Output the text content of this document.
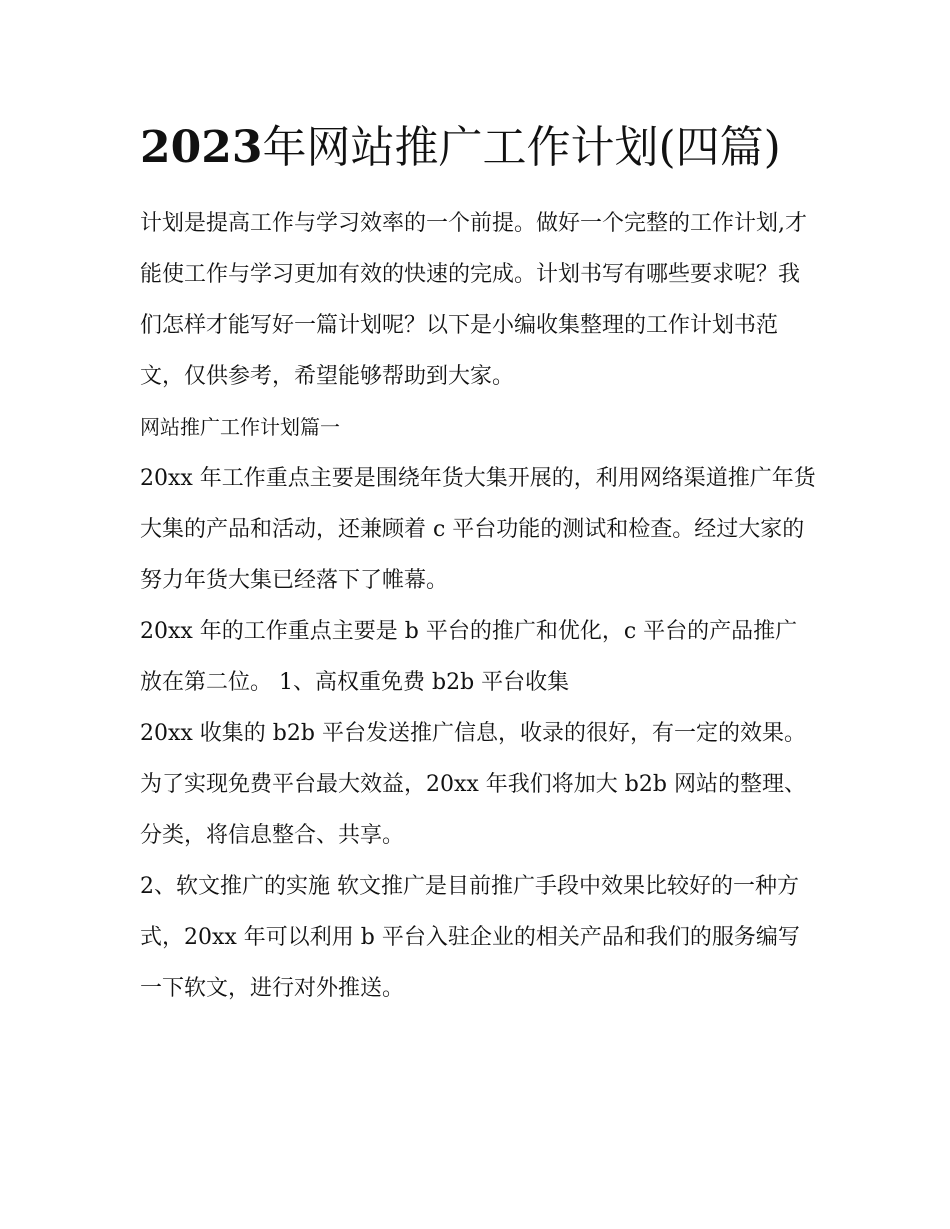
2023年网站推广工作计划(四篇)

计划是提高工作与学习效率的一个前提。做好一个完整的工作计划,才能使工作与学习更加有效的快速的完成。计划书写有哪些要求呢？我们怎样才能写好一篇计划呢？以下是小编收集整理的工作计划书范文，仅供参考，希望能够帮助到大家。

网站推广工作计划篇一

20xx 年工作重点主要是围绕年货大集开展的，利用网络渠道推广年货大集的产品和活动，还兼顾着 c 平台功能的测试和检查。经过大家的努力年货大集已经落下了帷幕。

20xx 年的工作重点主要是 b 平台的推广和优化，c 平台的产品推广放在第二位。 1、高权重免费 b2b 平台收集

20xx 收集的 b2b 平台发送推广信息，收录的很好，有一定的效果。为了实现免费平台最大效益，20xx 年我们将加大 b2b 网站的整理、分类，将信息整合、共享。

2、软文推广的实施 软文推广是目前推广手段中效果比较好的一种方式，20xx 年可以利用 b 平台入驻企业的相关产品和我们的服务编写一下软文，进行对外推送。
